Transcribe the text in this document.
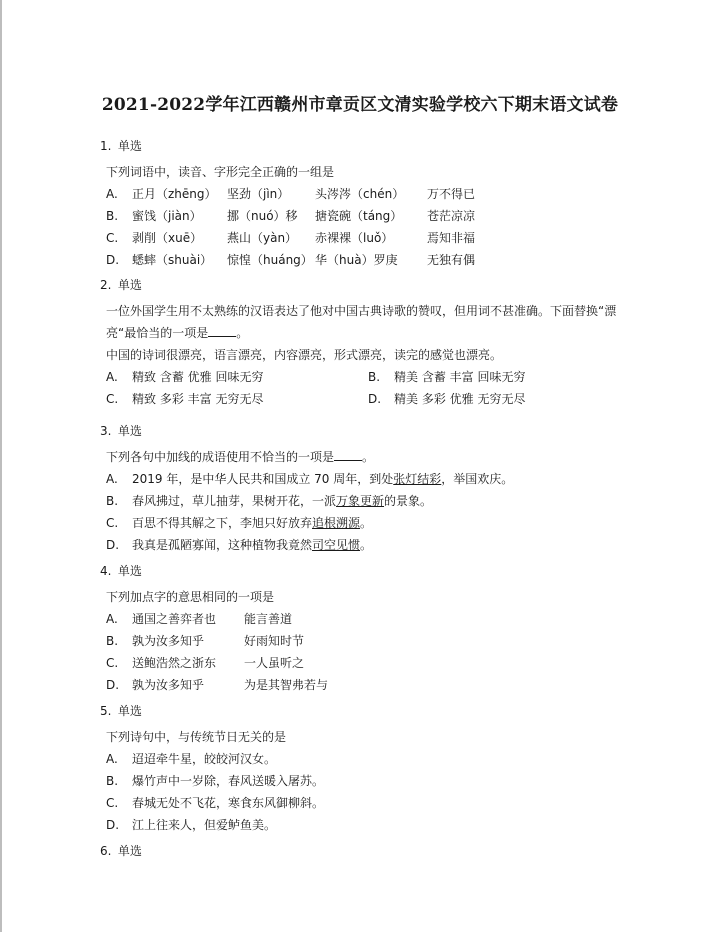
2021-2022学年江西赣州市章贡区文清实验学校六下期末语文试卷
1. 单选
下列词语中，读音、字形完全正确的一组是
A. 正月（zhēng） 坚劲（jìn） 头涔涔（chén） 万不得已
B. 蜜饯（jiàn） 挪（nuó）移 搪瓷碗（táng） 苍茫凉凉
C. 剥削（xuē） 燕山（yàn） 赤裸裸（luǒ）	焉知非福
D. 蟋蟀（shuài） 惊惶（huáng） 华（huà）罗庚 无独有偶
2. 单选
一位外国学生用不太熟练的汉语表达了他对中国古典诗歌的赞叹，但用词不甚准确。下面替换“漂
亮“最恰当的一项是 。
中国的诗词很漂亮，语言漂亮，内容漂亮，形式漂亮，读完的感觉也漂亮。
A. 精致 含蓄 优雅 回味无穷	B. 精美 含蓄 丰富 回味无穷
C. 精致 多彩 丰富 无穷无尽	D. 精美 多彩 优雅 无穷无尽
3. 单选
下列各句中加线的成语使用不恰当的一项是 。
A. 2019 年，是中华人民共和国成立 70 周年，到处张灯结彩，举国欢庆。
B. 春风拂过，草儿抽芽，果树开花，一派万象更新的景象。
C. 百思不得其解之下，李旭只好放弃追根溯源。
D. 我真是孤陋寡闻，这种植物我竟然司空见惯。
4. 单选
下列加点字的意思相同的一项是
A. 通国之善弈者也 能言善道
B. 孰为汝多知乎	好雨知时节
C. 送鲍浩然之浙东 一人虽听之
D. 孰为汝多知乎	为是其智弗若与
5. 单选
下列诗句中，与传统节日无关的是
A. 迢迢牵牛星，皎皎河汉女。
B. 爆竹声中一岁除，春风送暖入屠苏。
C. 春城无处不飞花，寒食东风御柳斜。
D. 江上往来人，但爱鲈鱼美。
6. 单选
